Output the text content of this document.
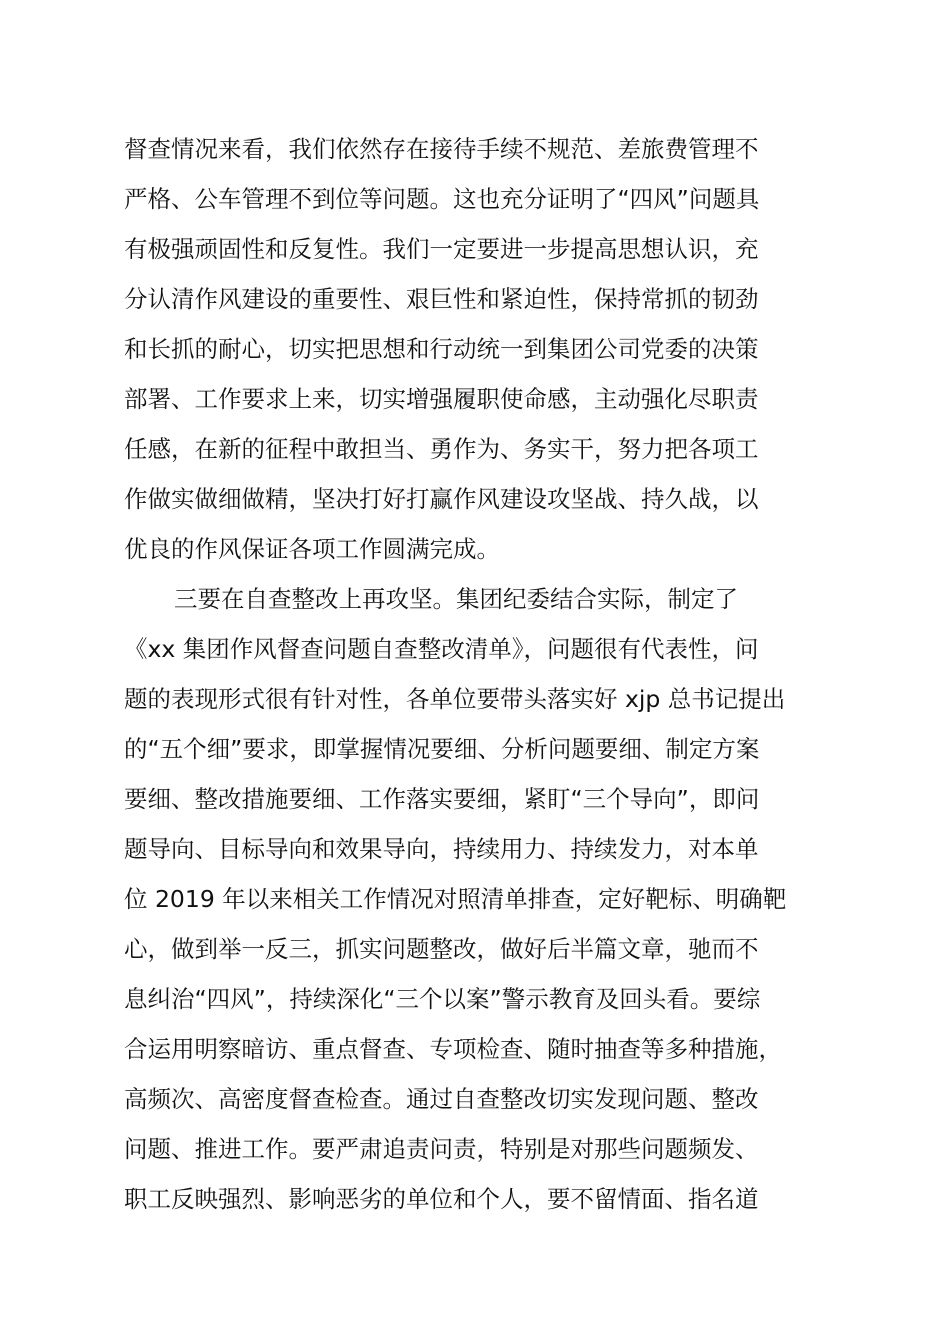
督查情况来看，我们依然存在接待手续不规范、差旅费管理不

严格、公车管理不到位等问题。这也充分证明了“四风”问题具

有极强顽固性和反复性。我们一定要进一步提高思想认识，充

分认清作风建设的重要性、艰巨性和紧迫性，保持常抓的韧劲

和长抓的耐心，切实把思想和行动统一到集团公司党委的决策

部署、工作要求上来，切实增强履职使命感，主动强化尽职责

任感，在新的征程中敢担当、勇作为、务实干，努力把各项工

作做实做细做精，坚决打好打赢作风建设攻坚战、持久战，以

优良的作风保证各项工作圆满完成。

三要在自查整改上再攻坚。集团纪委结合实际，制定了

《xx 集团作风督查问题自查整改清单》，问题很有代表性，问

题的表现形式很有针对性，各单位要带头落实好 xjp 总书记提出

的“五个细”要求，即掌握情况要细、分析问题要细、制定方案

要细、整改措施要细、工作落实要细，紧盯“三个导向”，即问

题导向、目标导向和效果导向，持续用力、持续发力，对本单

位 2019 年以来相关工作情况对照清单排查，定好靶标、明确靶

心，做到举一反三，抓实问题整改，做好后半篇文章，驰而不

息纠治“四风”，持续深化“三个以案”警示教育及回头看。要综

合运用明察暗访、重点督查、专项检查、随时抽查等多种措施，

高频次、高密度督查检查。通过自查整改切实发现问题、整改

问题、推进工作。要严肃追责问责，特别是对那些问题频发、

职工反映强烈、影响恶劣的单位和个人，要不留情面、指名道
